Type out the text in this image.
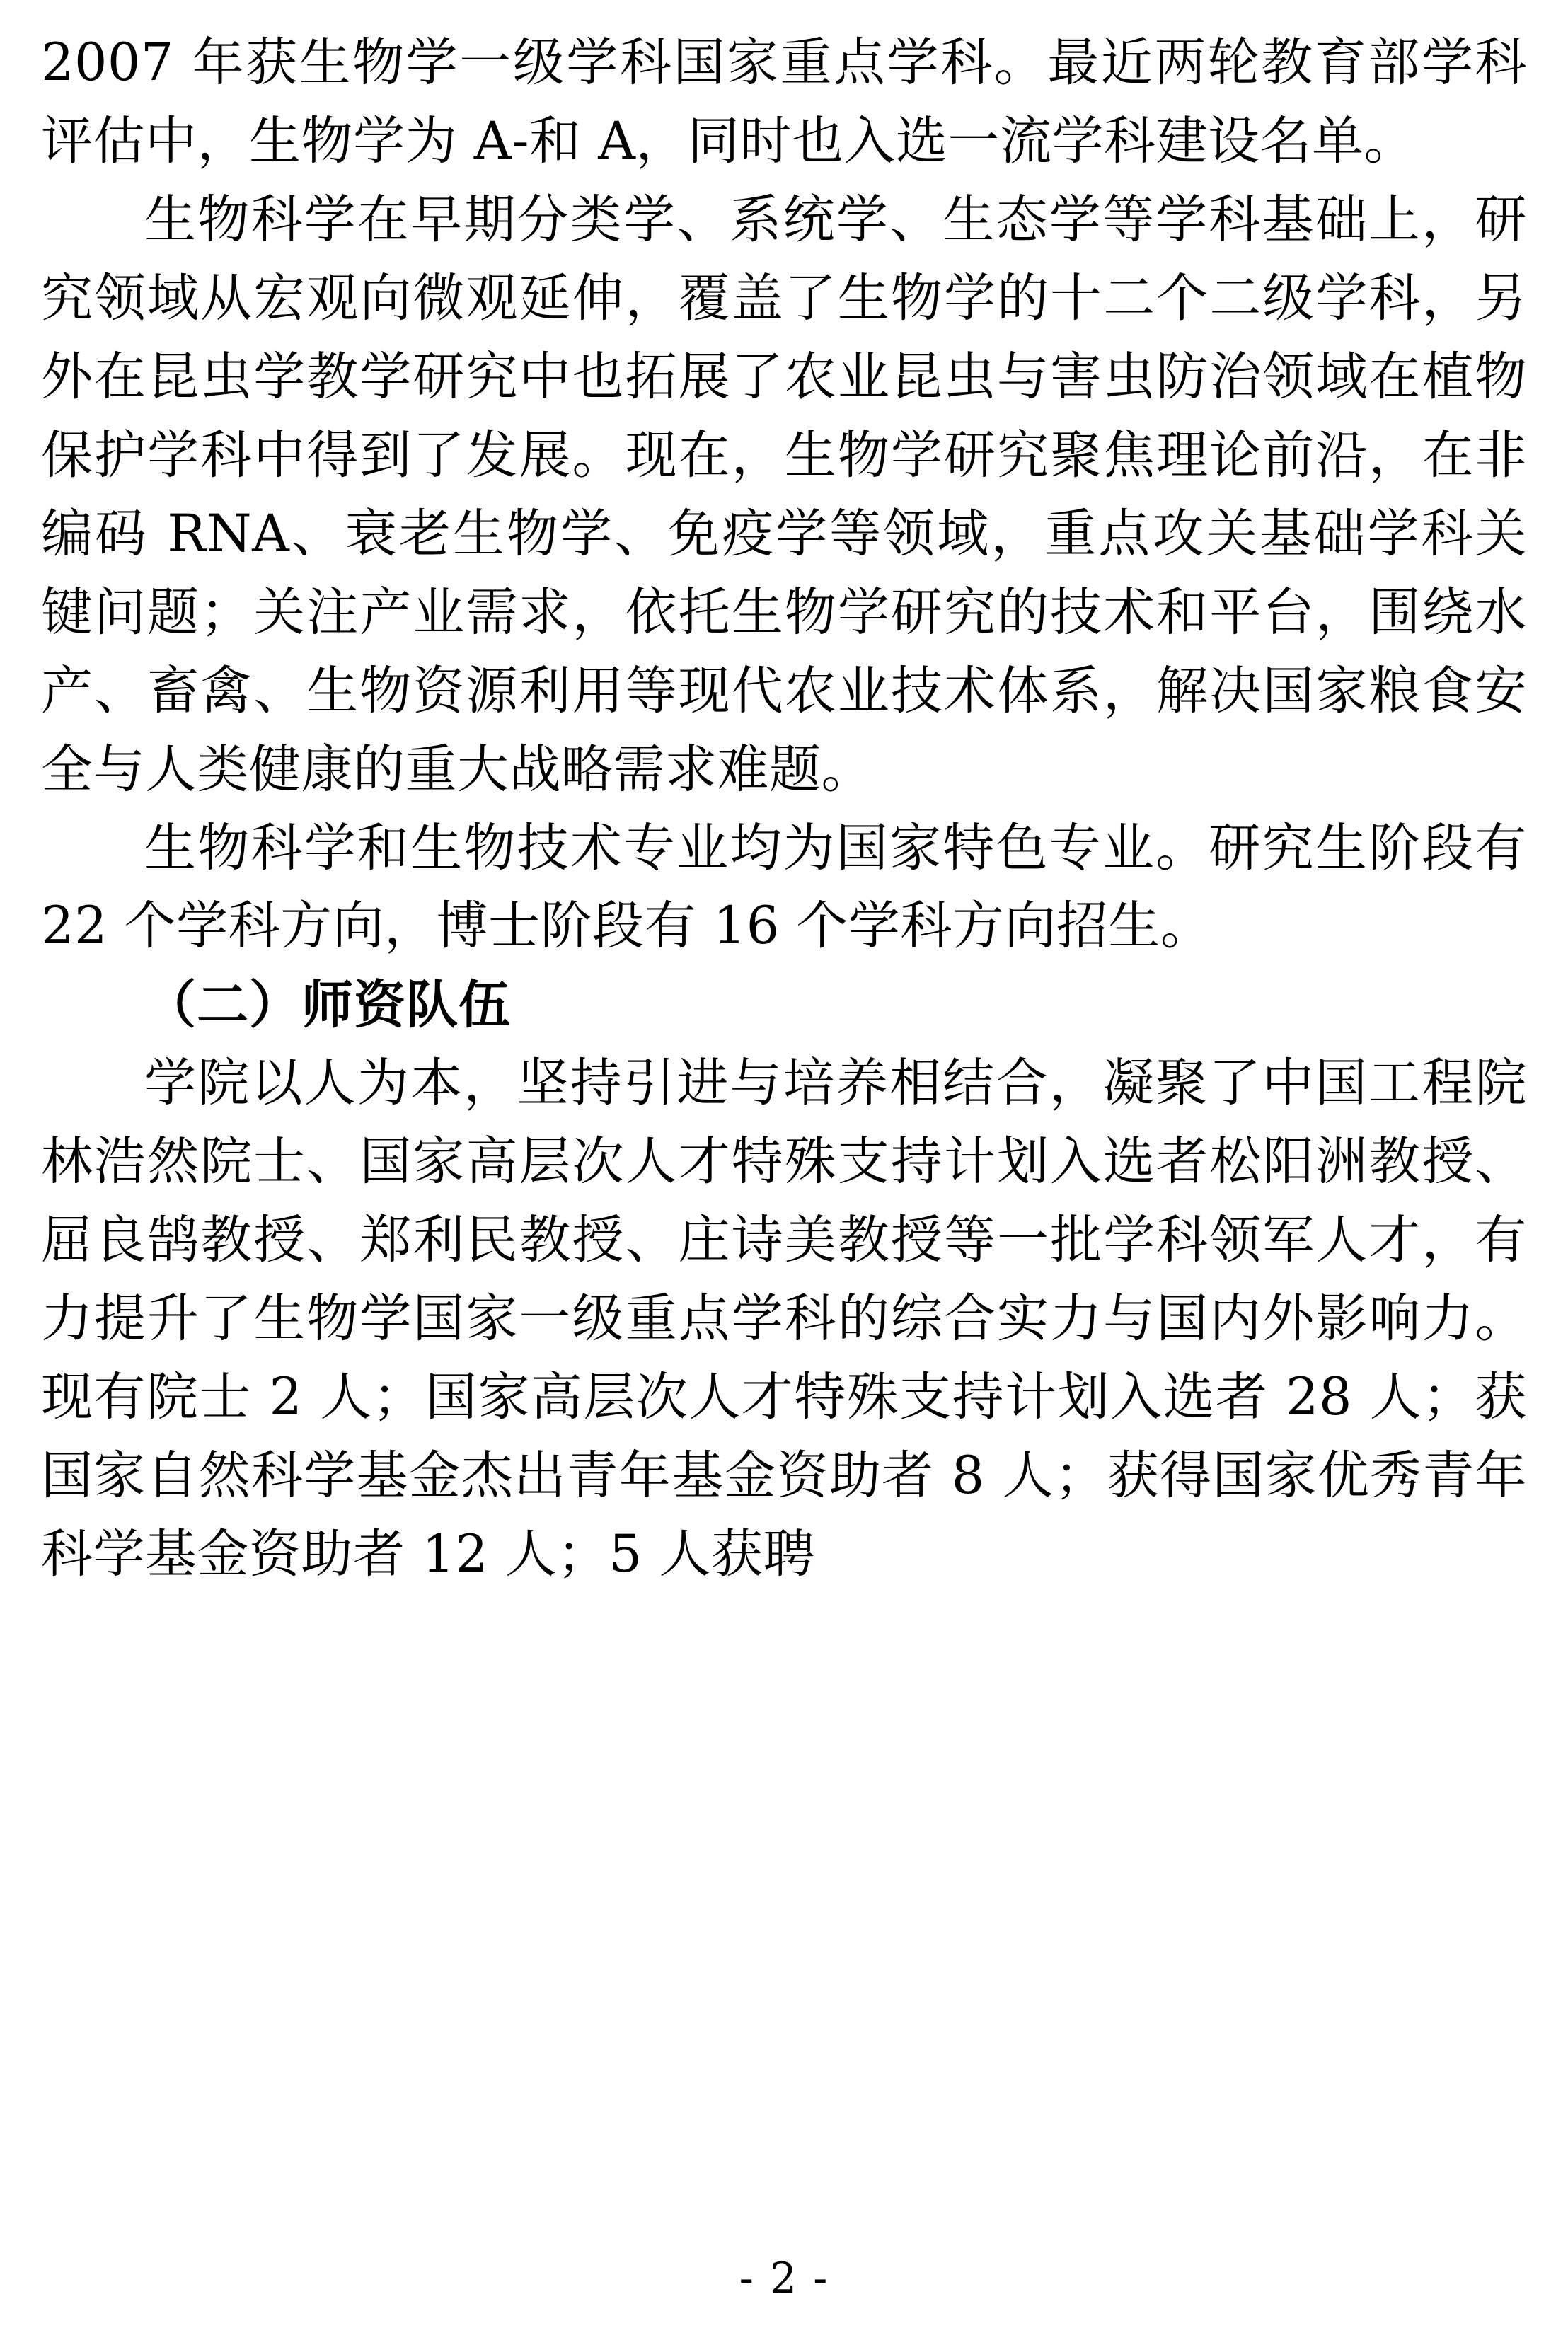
2007 年获生物学一级学科国家重点学科。最近两轮教育部学科评估中，生物学为 A-和 A，同时也入选一流学科建设名单。

生物科学在早期分类学、系统学、生态学等学科基础上，研究领域从宏观向微观延伸，覆盖了生物学的十二个二级学科，另外在昆虫学教学研究中也拓展了农业昆虫与害虫防治领域在植物保护学科中得到了发展。现在，生物学研究聚焦理论前沿，在非编码 RNA、衰老生物学、免疫学等领域，重点攻关基础学科关键问题；关注产业需求，依托生物学研究的技术和平台，围绕水产、畜禽、生物资源利用等现代农业技术体系，解决国家粮食安全与人类健康的重大战略需求难题。

生物科学和生物技术专业均为国家特色专业。研究生阶段有 22 个学科方向，博士阶段有 16 个学科方向招生。

（二）师资队伍

学院以人为本，坚持引进与培养相结合，凝聚了中国工程院林浩然院士、国家高层次人才特殊支持计划入选者松阳洲教授、屈良鹄教授、郑利民教授、庄诗美教授等一批学科领军人才，有力提升了生物学国家一级重点学科的综合实力与国内外影响力。现有院士 2 人；国家高层次人才特殊支持计划入选者 28 人；获国家自然科学基金杰出青年基金资助者 8 人；获得国家优秀青年科学基金资助者 12 人；5 人获聘

- 2 -
